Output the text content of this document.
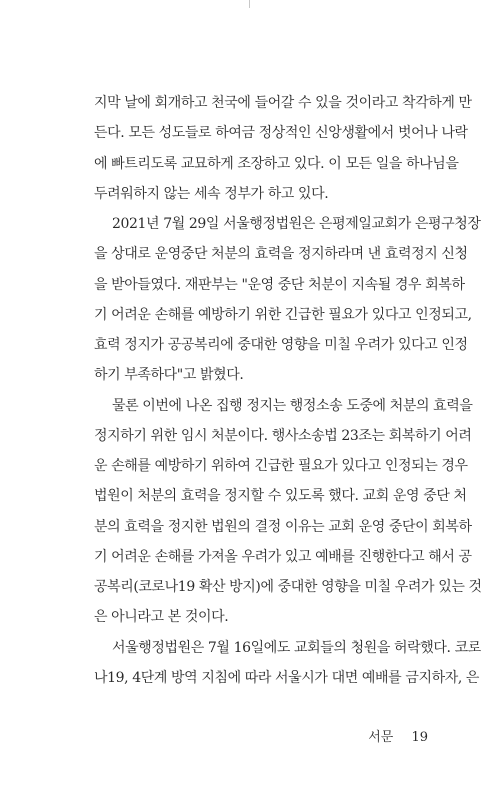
지막 날에 회개하고 천국에 들어갈 수 있을 것이라고 착각하게 만
든다. 모든 성도들로 하여금 정상적인 신앙생활에서 벗어나 나락
에 빠트리도록 교묘하게 조장하고 있다. 이 모든 일을 하나님을
두려워하지 않는 세속 정부가 하고 있다.
2021년 7월 29일 서울행정법원은 은평제일교회가 은평구청장
을 상대로 운영중단 처분의 효력을 정지하라며 낸 효력정지 신청
을 받아들였다. 재판부는 "운영 중단 처분이 지속될 경우 회복하
기 어려운 손해를 예방하기 위한 긴급한 필요가 있다고 인정되고,
효력 정지가 공공복리에 중대한 영향을 미칠 우려가 있다고 인정
하기 부족하다"고 밝혔다.
물론 이번에 나온 집행 정지는 행정소송 도중에 처분의 효력을
정지하기 위한 임시 처분이다. 행사소송법 23조는 회복하기 어려
운 손해를 예방하기 위하여 긴급한 필요가 있다고 인정되는 경우
법원이 처분의 효력을 정지할 수 있도록 했다. 교회 운영 중단 처
분의 효력을 정지한 법원의 결정 이유는 교회 운영 중단이 회복하
기 어려운 손해를 가져올 우려가 있고 예배를 진행한다고 해서 공
공복리(코로나19 확산 방지)에 중대한 영향을 미칠 우려가 있는 것
은 아니라고 본 것이다.
서울행정법원은 7월 16일에도 교회들의 청원을 허락했다. 코로
나19, 4단계 방역 지침에 따라 서울시가 대면 예배를 금지하자, 은
서문 19
